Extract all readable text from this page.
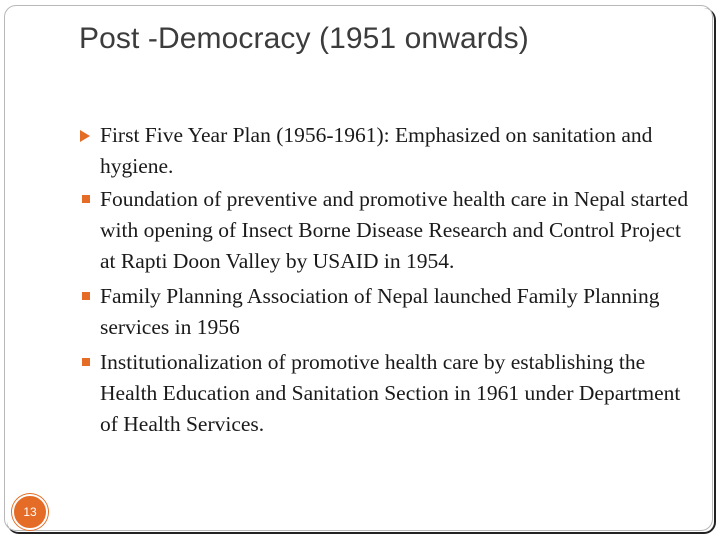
Post -Democracy (1951 onwards)
First Five Year Plan (1956-1961): Emphasized on sanitation and hygiene.
Foundation of preventive and promotive health care in Nepal started with opening of Insect Borne Disease Research and Control Project at Rapti Doon Valley by USAID in 1954.
Family Planning Association of Nepal launched Family Planning services in 1956
Institutionalization of promotive health care by establishing the Health Education and Sanitation Section in 1961 under Department of Health Services.
13
